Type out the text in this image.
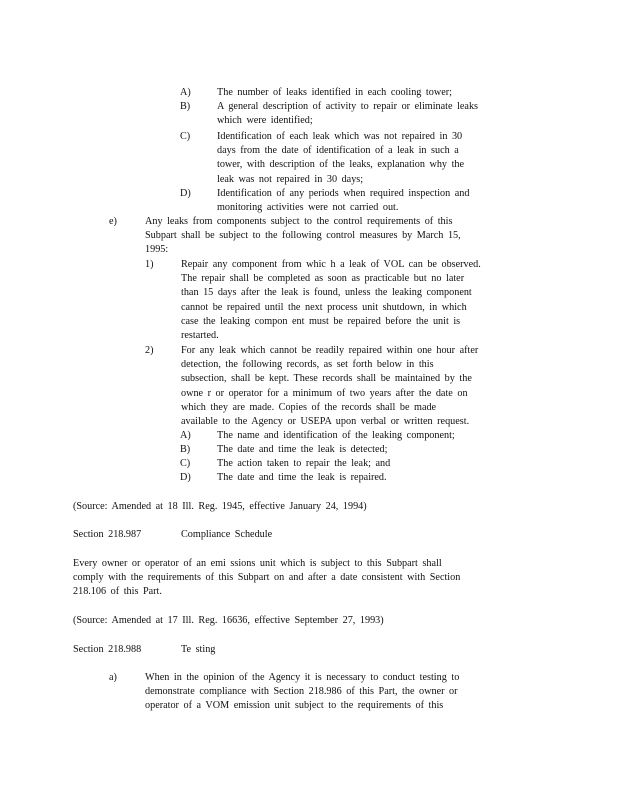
A)	The number of leaks identified in each cooling tower;
B)	A general description of activity to repair or eliminate leaks
which were identified;
C)	Identification of each leak which was not repaired in 30
days from the date of identification of a leak in such a
tower, with description of the leaks, explanation why the
leak was not repaired in 30 days;
D)	Identification of any periods when required inspection and
monitoring activities were not carried out.
e)	Any leaks from components subject to the control requirements of this
Subpart shall be subject to the following control measures by March 15,
1995:
1)	Repair any component from whic h a leak of VOL can be observed.
The repair shall be completed as soon as practicable but no later
than 15 days after the leak is found, unless the leaking component
cannot be repaired until the next process unit shutdown, in which
case the leaking compon ent must be repaired before the unit is
restarted.
2)	For any leak which cannot be readily repaired within one hour after
detection, the following records, as set forth below in this
subsection, shall be kept. These records shall be maintained by the
owne r or operator for a minimum of two years after the date on
which they are made. Copies of the records shall be made
available to the Agency or USEPA upon verbal or written request.
A)	The name and identification of the leaking component;
B)	The date and time the leak is detected;
C)	The action taken to repair the leak; and
D)	The date and time the leak is repaired.
(Source: Amended at 18 Ill. Reg. 1945, effective January 24, 1994)
Section 218.987	Compliance Schedule
Every owner or operator of an emi ssions unit which is subject to this Subpart shall
comply with the requirements of this Subpart on and after a date consistent with Section
218.106 of this Part.
(Source: Amended at 17 Ill. Reg. 16636, effective September 27, 1993)
Section 218.988	Te sting
a)	When in the opinion of the Agency it is necessary to conduct testing to
demonstrate compliance with Section 218.986 of this Part, the owner or
operator of a VOM emission unit subject to the requirements of this
